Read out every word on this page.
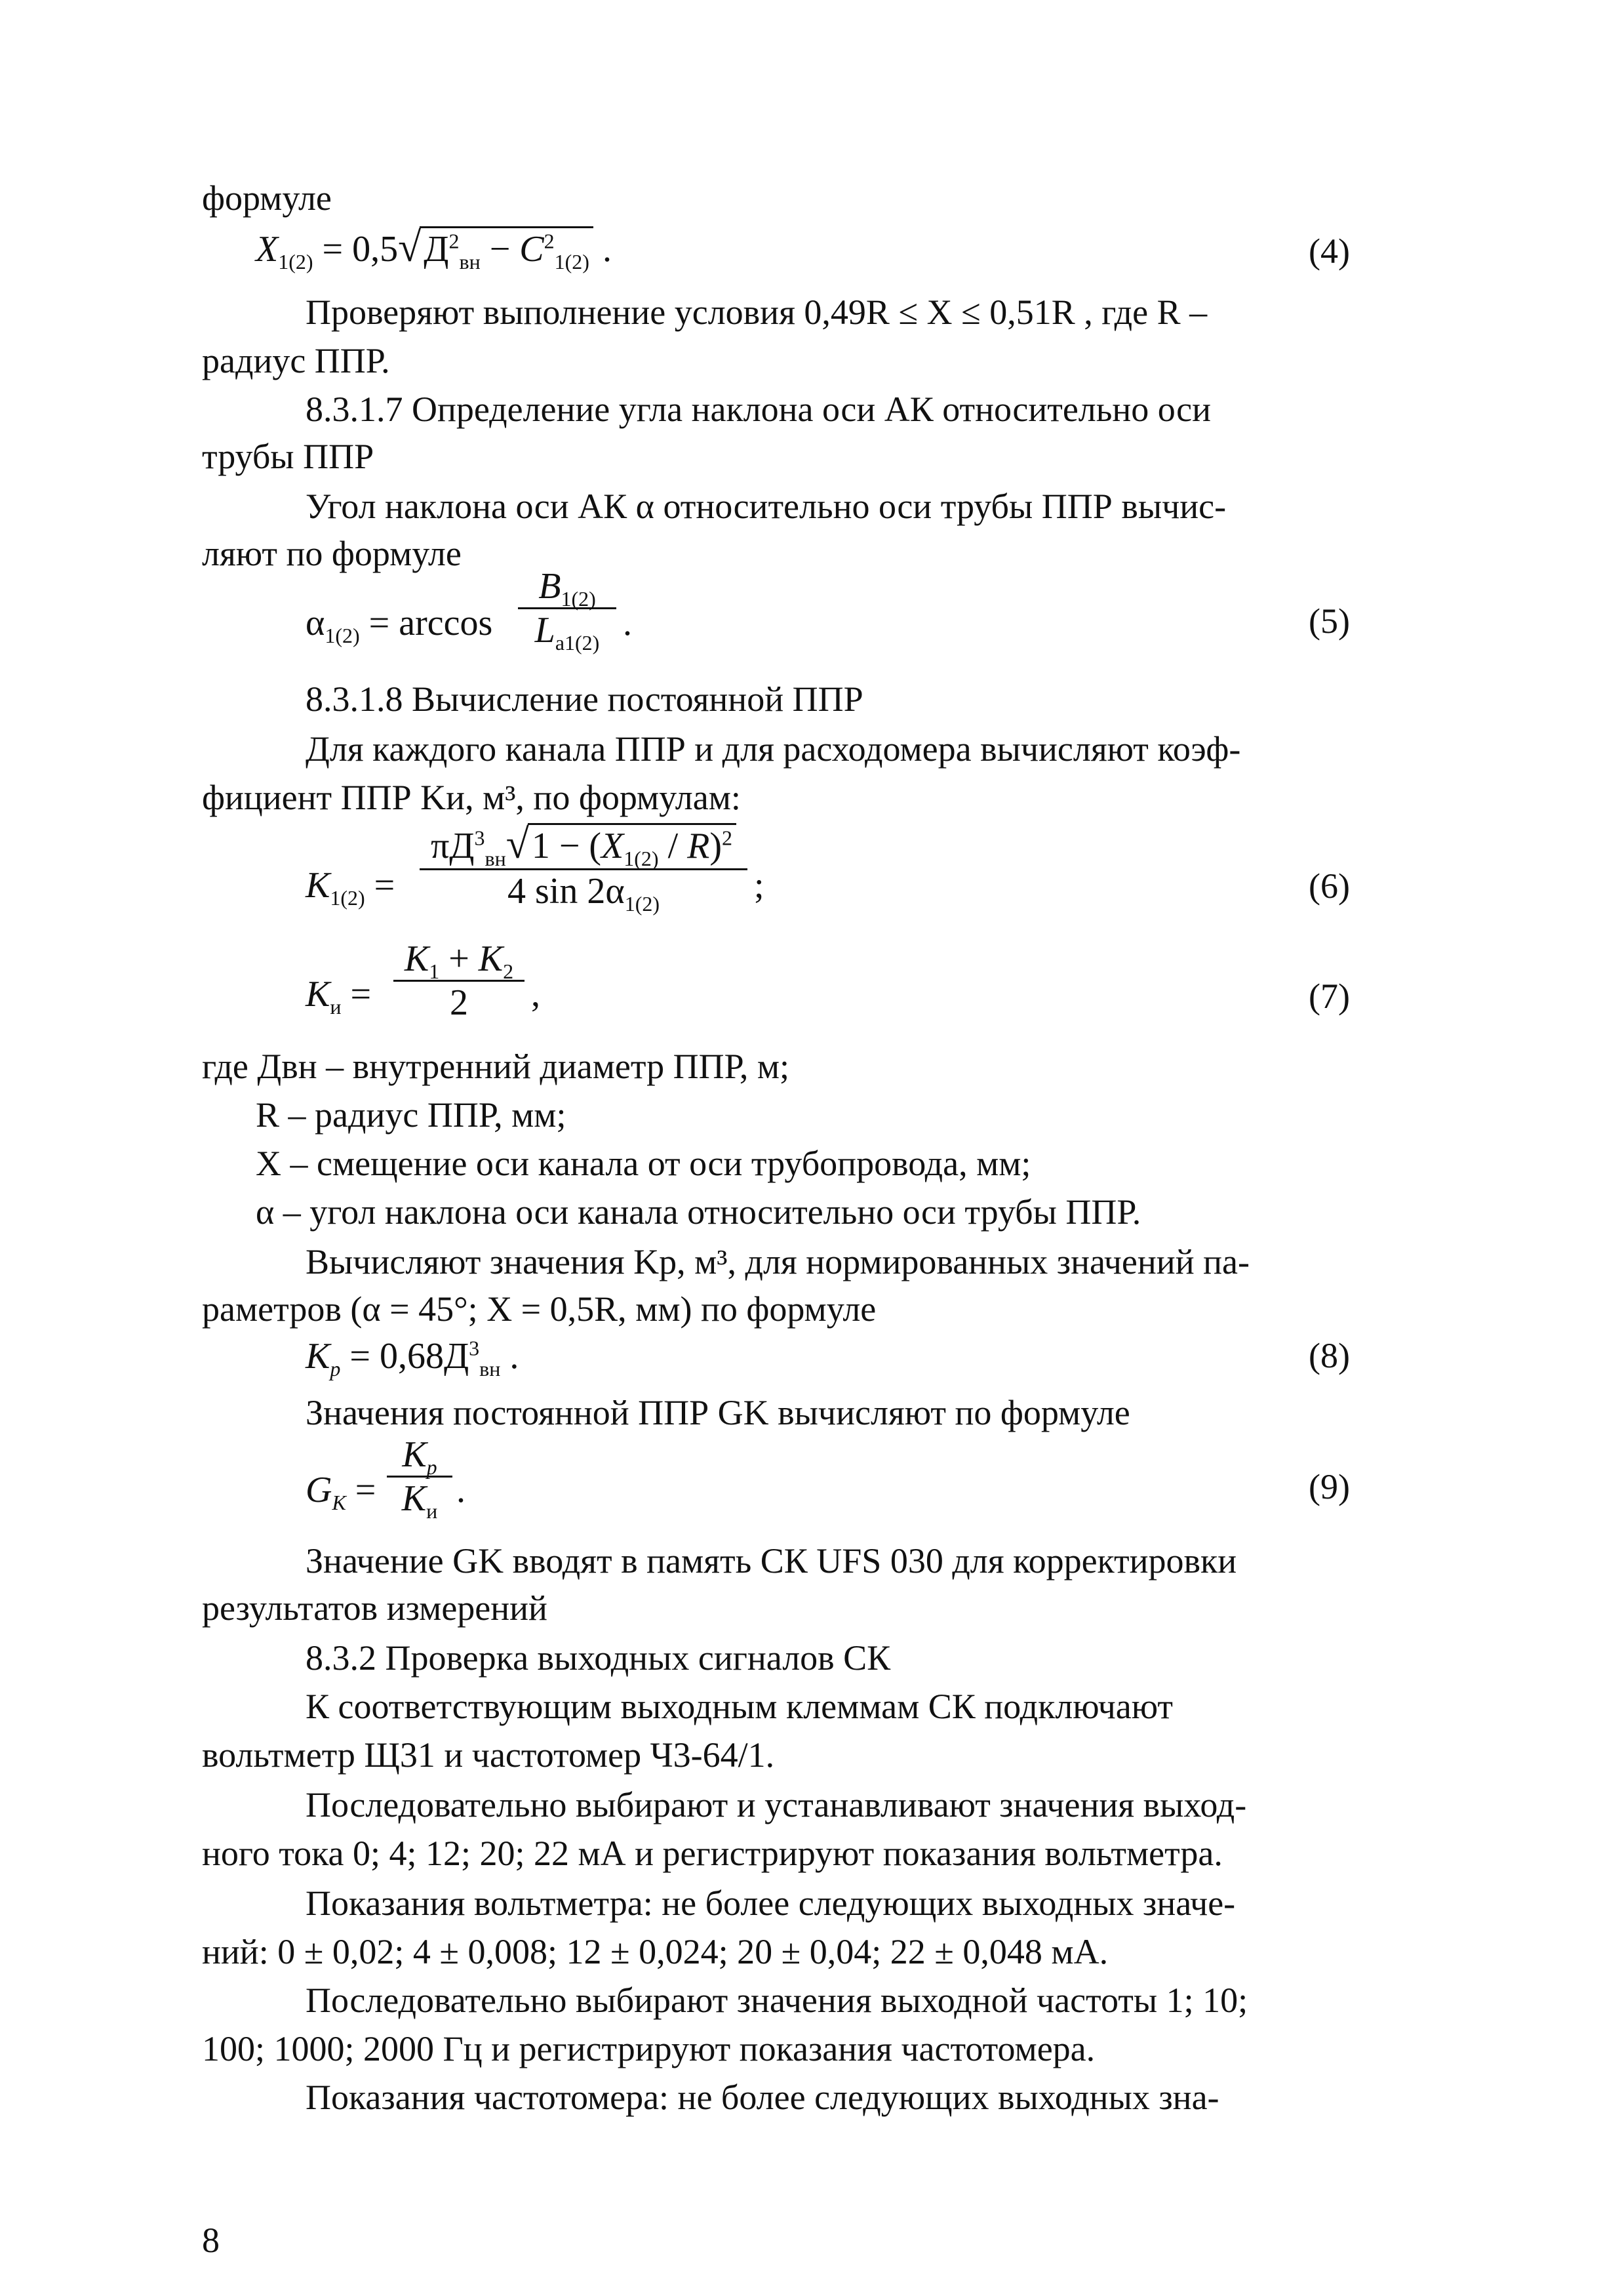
формуле
$X_{1(2)} = 0,5√Д^2_{вн} - C^2_{1(2)}$ .	(4)
Проверяют выполнение условия 0,49R ≤ X ≤ 0,51R , где R –
радиус ППР.
8.3.1.7 Определение угла наклона оси АК относительно оси
трубы ППР
Угол наклона оси АК α относительно оси трубы ППР вычис-
ляют по формуле
$\alpha_{1(2)} = \arccos \frac{B_{1(2)}}{L_{a1(2)}}$ .	(5)
8.3.1.8 Вычисление постоянной ППР
Для каждого канала ППР и для расходомера вычисляют коэф-
фициент ППР Kи, м³, по формулам:
$K_{1(2)}$ =
$\pi Д^3_{вн}√1 - (X_{1(2)} / R)^2$
4 $\sin 2\alpha_{1(2)}$	;	(6)
$K_и = \frac{K_1 + K_2}{2}$ ,	(7)
где Двн – внутренний диаметр ППР, м;
R – радиус ППР, мм;
X – смещение оси канала от оси трубопровода, мм;
α – угол наклона оси канала относительно оси трубы ППР.
Вычисляют значения Kp, м³, для нормированных значений па-
раметров (α = 45°; X = 0,5R, мм) по формуле
$K_p = 0,68Д^3_{вн}$ .	(8)
Значения постоянной ППР GK вычисляют по формуле
$G_K$ =
$K_p$
$K_и$
.	(9)
Значение GK вводят в память СК UFS 030 для корректировки
результатов измерений
8.3.2 Проверка выходных сигналов СК
К соответствующим выходным клеммам СК подключают
вольтметр Щ31 и частотомер Ч3-64/1.
Последовательно выбирают и устанавливают значения выход-
ного тока 0; 4; 12; 20; 22 мА и регистрируют показания вольтметра.
Показания вольтметра: не более следующих выходных значе-
ний: 0 ± 0,02; 4 ± 0,008; 12 ± 0,024; 20 ± 0,04; 22 ± 0,048 мА.
Последовательно выбирают значения выходной частоты 1; 10;
100; 1000; 2000 Гц и регистрируют показания частотомера.
Показания частотомера: не более следующих выходных зна-
8
